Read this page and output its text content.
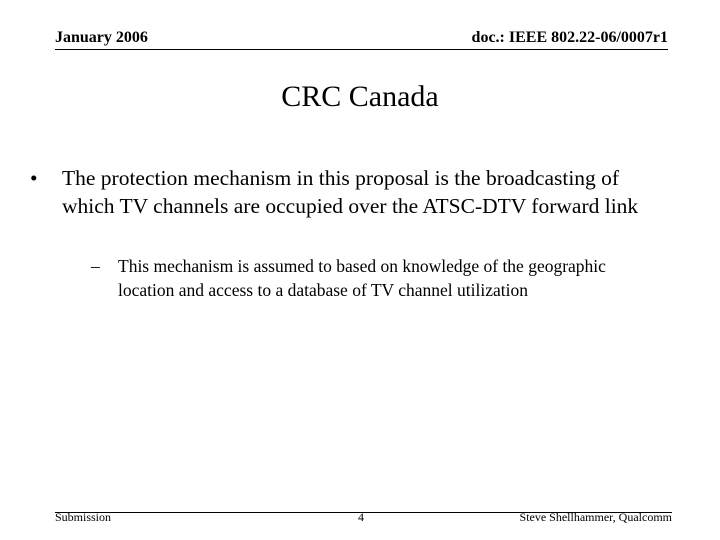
January 2006	doc.: IEEE 802.22-06/0007r1
CRC Canada
• The protection mechanism in this proposal is the broadcasting of which TV channels are occupied over the ATSC-DTV forward link
– This mechanism is assumed to based on knowledge of the geographic location and access to a database of TV channel utilization
Submission	4	Steve Shellhammer, Qualcomm
